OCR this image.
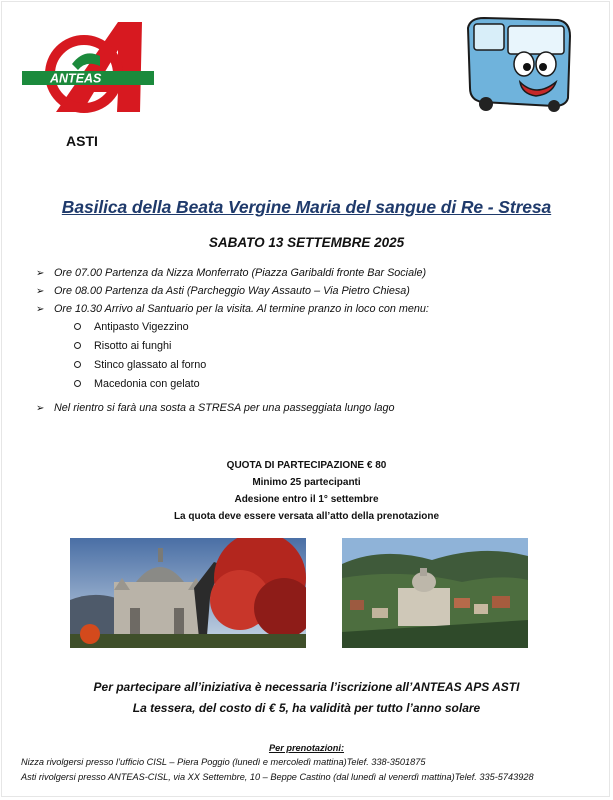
ANTEAS
ASTI
Basilica della Beata Vergine Maria del sangue di Re - Stresa
SABATO 13 SETTEMBRE 2025
➢ Ore 07.00 Partenza da Nizza Monferrato (Piazza Garibaldi fronte Bar Sociale)
➢ Ore 08.00 Partenza da Asti (Parcheggio Way Assauto – Via Pietro Chiesa)
➢ Ore 10.30 Arrivo al Santuario per la visita. Al termine pranzo in loco con menu:
Antipasto Vigezzino
Risotto ai funghi
Stinco glassato al forno
Macedonia con gelato
➢ Nel rientro si farà una sosta a STRESA per una passeggiata lungo lago
QUOTA DI PARTECIPAZIONE € 80
Minimo 25 partecipanti
Adesione entro il 1° settembre
La quota deve essere versata all’atto della prenotazione
Per partecipare all’iniziativa è necessaria l’iscrizione all’ANTEAS APS ASTI
La tessera, del costo di € 5, ha validità per tutto l’anno solare
Per prenotazioni:
Nizza rivolgersi presso l’ufficio CISL – Piera Poggio (lunedì e mercoledì mattina)Telef. 338-3501875
Asti rivolgersi presso ANTEAS-CISL, via XX Settembre, 10 – Beppe Castino (dal lunedì al venerdì mattina)Telef. 335-5743928
